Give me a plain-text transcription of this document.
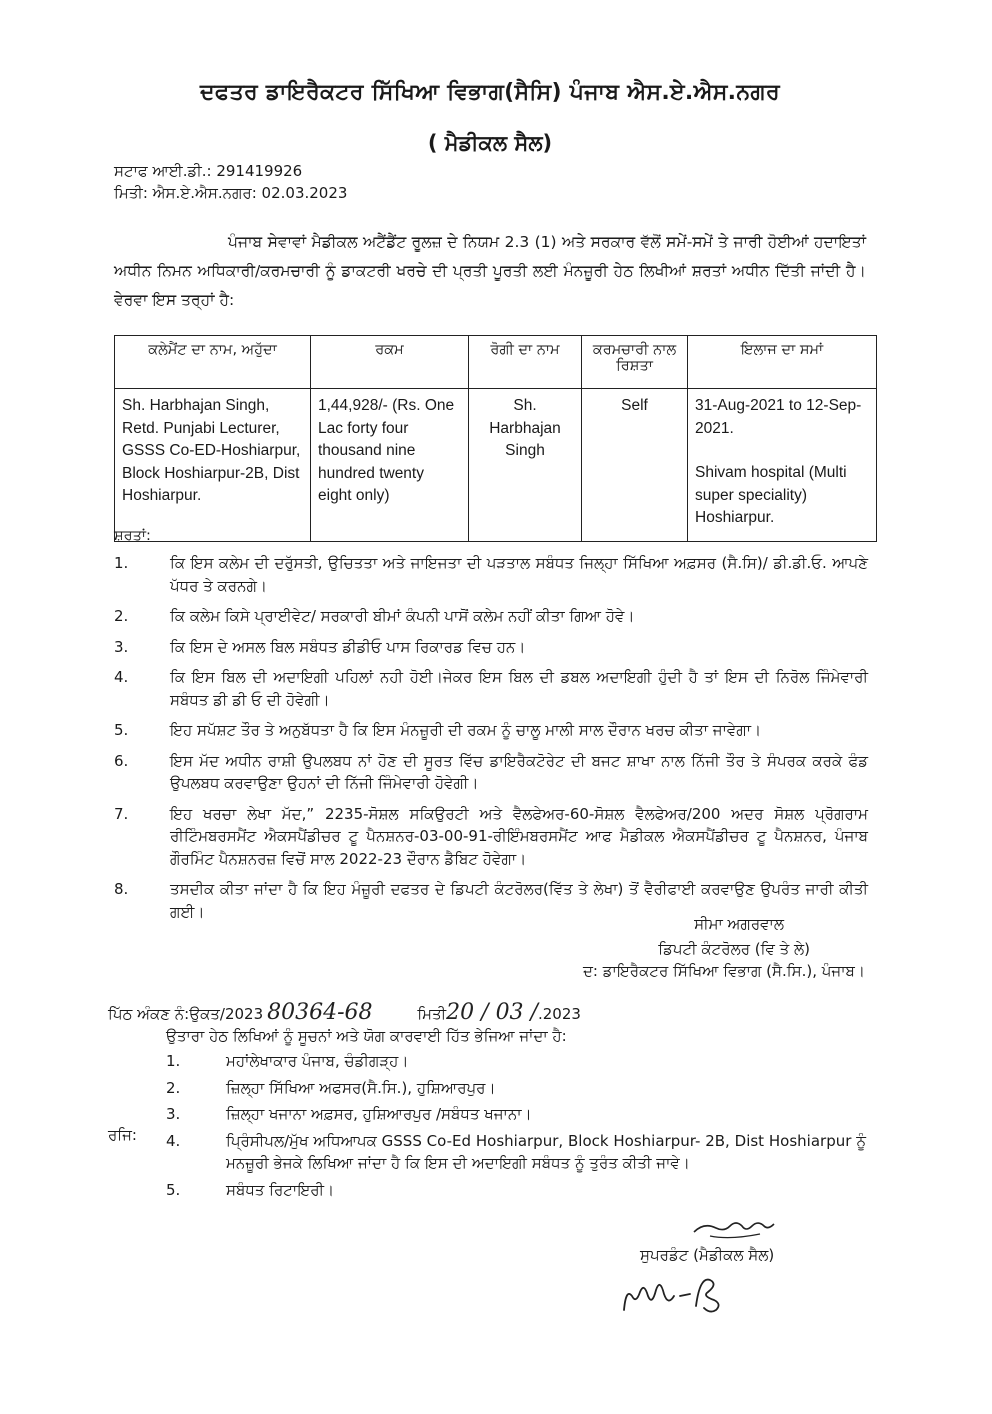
ਦਫਤਰ ਡਾਇਰੈਕਟਰ ਸਿੱਖਿਆ ਵਿਭਾਗ(ਸੈਸਿ) ਪੰਜਾਬ ਐਸ.ਏ.ਐਸ.ਨਗਰ
( ਮੈਡੀਕਲ ਸੈਲ)
ਸਟਾਫ ਆਈ.ਡੀ.: 291419926
ਮਿਤੀ: ਐਸ.ਏ.ਐਸ.ਨਗਰ: 02.03.2023
ਪੰਜਾਬ ਸੇਵਾਵਾਂ ਮੈਡੀਕਲ ਅਟੈਂਡੈਂਟ ਰੂਲਜ਼ ਦੇ ਨਿਯਮ 2.3 (1) ਅਤੇ ਸਰਕਾਰ ਵੱਲੋਂ ਸਮੇਂ-ਸਮੇਂ ਤੇ ਜਾਰੀ ਹੋਈਆਂ ਹਦਾਇਤਾਂ ਅਧੀਨ ਨਿਮਨ ਅਧਿਕਾਰੀ/ਕਰਮਚਾਰੀ ਨੂੰ ਡਾਕਟਰੀ ਖਰਚੇ ਦੀ ਪ੍ਰਤੀ ਪੂਰਤੀ ਲਈ ਮੰਨਜ਼ੂਰੀ ਹੇਠ ਲਿਖੀਆਂ ਸ਼ਰਤਾਂ ਅਧੀਨ ਦਿੱਤੀ ਜਾਂਦੀ ਹੈ। ਵੇਰਵਾ ਇਸ ਤਰ੍ਹਾਂ ਹੈ:
ਕਲੇਮੈਂਟ ਦਾ ਨਾਮ, ਅਹੁੱਦਾ	ਰਕਮ	ਰੋਗੀ ਦਾ ਨਾਮ	ਕਰਮਚਾਰੀ ਨਾਲ ਰਿਸ਼ਤਾ	ਇਲਾਜ ਦਾ ਸਮਾਂ
Sh. Harbhajan Singh, Retd. Punjabi Lecturer, GSSS Co-ED-Hoshiarpur, Block Hoshiarpur-2B, Dist Hoshiarpur.	1,44,928/- (Rs. One Lac forty four thousand nine hundred twenty eight only)	Sh. Harbhajan Singh	Self	31-Aug-2021 to 12-Sep-2021.
Shivam hospital (Multi super speciality) Hoshiarpur.
ਸ਼ਰਤਾਂ:
1.	ਕਿ ਇਸ ਕਲੇਮ ਦੀ ਦਰੁੱਸਤੀ, ਉਚਿਤਤਾ ਅਤੇ ਜਾਇਜਤਾ ਦੀ ਪੜਤਾਲ ਸਬੰਧਤ ਜਿਲ੍ਹਾ ਸਿੱਖਿਆ ਅਫ਼ਸਰ (ਸੈ.ਸਿ)/ ਡੀ.ਡੀ.ਓ. ਆਪਣੇ ਪੱਧਰ ਤੇ ਕਰਨਗੇ।
2.	ਕਿ ਕਲੇਮ ਕਿਸੇ ਪ੍ਰਾਈਵੇਟ/ ਸਰਕਾਰੀ ਬੀਮਾਂ ਕੰਪਨੀ ਪਾਸੋਂ ਕਲੇਮ ਨਹੀਂ ਕੀਤਾ ਗਿਆ ਹੋਵੇ।
3.	ਕਿ ਇਸ ਦੇ ਅਸਲ ਬਿਲ ਸਬੰਧਤ ਡੀਡੀਓ ਪਾਸ ਰਿਕਾਰਡ ਵਿਚ ਹਨ।
4.	ਕਿ ਇਸ ਬਿਲ ਦੀ ਅਦਾਇਗੀ ਪਹਿਲਾਂ ਨਹੀ ਹੋਈ।ਜੇਕਰ ਇਸ ਬਿਲ ਦੀ ਡਬਲ ਅਦਾਇਗੀ ਹੁੰਦੀ ਹੈ ਤਾਂ ਇਸ ਦੀ ਨਿਰੋਲ ਜਿੰਮੇਵਾਰੀ ਸਬੰਧਤ ਡੀ ਡੀ ਓ ਦੀ ਹੋਵੇਗੀ।
5.	ਇਹ ਸਪੱਸ਼ਟ ਤੌਰ ਤੇ ਅਨੁਬੱਧਤਾ ਹੈ ਕਿ ਇਸ ਮੰਨਜ਼ੂਰੀ ਦੀ ਰਕਮ ਨੂੰ ਚਾਲੂ ਮਾਲੀ ਸਾਲ ਦੌਰਾਨ ਖਰਚ ਕੀਤਾ ਜਾਵੇਗਾ।
6.	ਇਸ ਮੱਦ ਅਧੀਨ ਰਾਸ਼ੀ ਉਪਲਬਧ ਨਾਂ ਹੋਣ ਦੀ ਸੂਰਤ ਵਿੱਚ ਡਾਇਰੈਕਟੋਰੇਟ ਦੀ ਬਜਟ ਸ਼ਾਖਾ ਨਾਲ ਨਿੱਜੀ ਤੌਰ ਤੇ ਸੰਪਰਕ ਕਰਕੇ ਫੰਡ ਉਪਲਬਧ ਕਰਵਾਉਣਾ ਉਹਨਾਂ ਦੀ ਨਿੱਜੀ ਜਿੰਮੇਵਾਰੀ ਹੋਵੇਗੀ।
7.	ਇਹ ਖਰਚਾ ਲੇਖਾ ਮੱਦ,” 2235-ਸੋਸ਼ਲ ਸਕਿਉਰਟੀ ਅਤੇ ਵੈਲਫੇਅਰ-60-ਸੋਸ਼ਲ ਵੈਲਫੇਅਰ/200 ਅਦਰ ਸੋਸ਼ਲ ਪ੍ਰੋਗਰਾਮ ਰੀਟਿੰਮਬਰਸਮੈਂਟ ਐਕਸਪੈਂਡੀਚਰ ਟੂ ਪੈਨਸ਼ਨਰ-03-00-91-ਰੀਇੰਮਬਰਸਮੈਂਟ ਆਫ ਮੈਡੀਕਲ ਐਕਸਪੈਂਡੀਚਰ ਟੂ ਪੈਨਸ਼ਨਰ, ਪੰਜਾਬ ਗੌਰਮਿੰਟ ਪੈਨਸ਼ਨਰਜ਼ ਵਿਚੋਂ ਸਾਲ 2022-23 ਦੌਰਾਨ ਡੈਬਿਟ ਹੋਵੇਗਾ।
8.	ਤਸਦੀਕ ਕੀਤਾ ਜਾਂਦਾ ਹੈ ਕਿ ਇਹ ਮੰਜ਼ੂਰੀ ਦਫਤਰ ਦੇ ਡਿਪਟੀ ਕੰਟਰੋਲਰ(ਵਿੱਤ ਤੇ ਲੇਖਾ) ਤੋਂ ਵੈਰੀਫਾਈ ਕਰਵਾਉਣ ਉਪਰੰਤ ਜਾਰੀ ਕੀਤੀ ਗਈ।
ਸੀਮਾ ਅਗਰਵਾਲ
ਡਿਪਟੀ ਕੰਟਰੋਲਰ (ਵਿ ਤੇ ਲੇ)
ਦ: ਡਾਇਰੈਕਟਰ ਸਿੱਖਿਆ ਵਿਭਾਗ (ਸੈ.ਸਿ.), ਪੰਜਾਬ।
ਪਿੱਠ ਅੰਕਣ ਨੰ:ਉਕਤ/2023 80364-68	ਮਿਤੀ20 / 03 /.2023
ਉਤਾਰਾ ਹੇਠ ਲਿਖਿਆਂ ਨੂੰ ਸੂਚਨਾਂ ਅਤੇ ਯੋਗ ਕਾਰਵਾਈ ਹਿੱਤ ਭੇਜਿਆ ਜਾਂਦਾ ਹੈ:
ਰਜਿ:
1.	ਮਹਾਂਲੇਖਾਕਾਰ ਪੰਜਾਬ, ਚੰਡੀਗੜ੍ਹ।
2.	ਜ਼ਿਲ੍ਹਾ ਸਿੱਖਿਆ ਅਫਸਰ(ਸੈ.ਸਿ.), ਹੁਸ਼ਿਆਰਪੁਰ।
3.	ਜ਼ਿਲ੍ਹਾ ਖਜਾਨਾ ਅਫ਼ਸਰ, ਹੁਸ਼ਿਆਰਪੁਰ /ਸਬੰਧਤ ਖਜਾਨਾ।
4.	ਪ੍ਰਿੰਸੀਪਲ/ਮੁੱਖ ਅਧਿਆਪਕ GSSS Co-Ed Hoshiarpur, Block Hoshiarpur- 2B, Dist Hoshiarpur ਨੂੰ ਮਨਜ਼ੂਰੀ ਭੇਜਕੇ ਲਿਖਿਆ ਜਾਂਦਾ ਹੈ ਕਿ ਇਸ ਦੀ ਅਦਾਇਗੀ ਸਬੰਧਤ ਨੂੰ ਤੁਰੰਤ ਕੀਤੀ ਜਾਵੇ।
5.	ਸਬੰਧਤ ਰਿਟਾਇਰੀ।
ਸੁਪਰਡੰਟ (ਮੈਡੀਕਲ ਸੈਲ)
